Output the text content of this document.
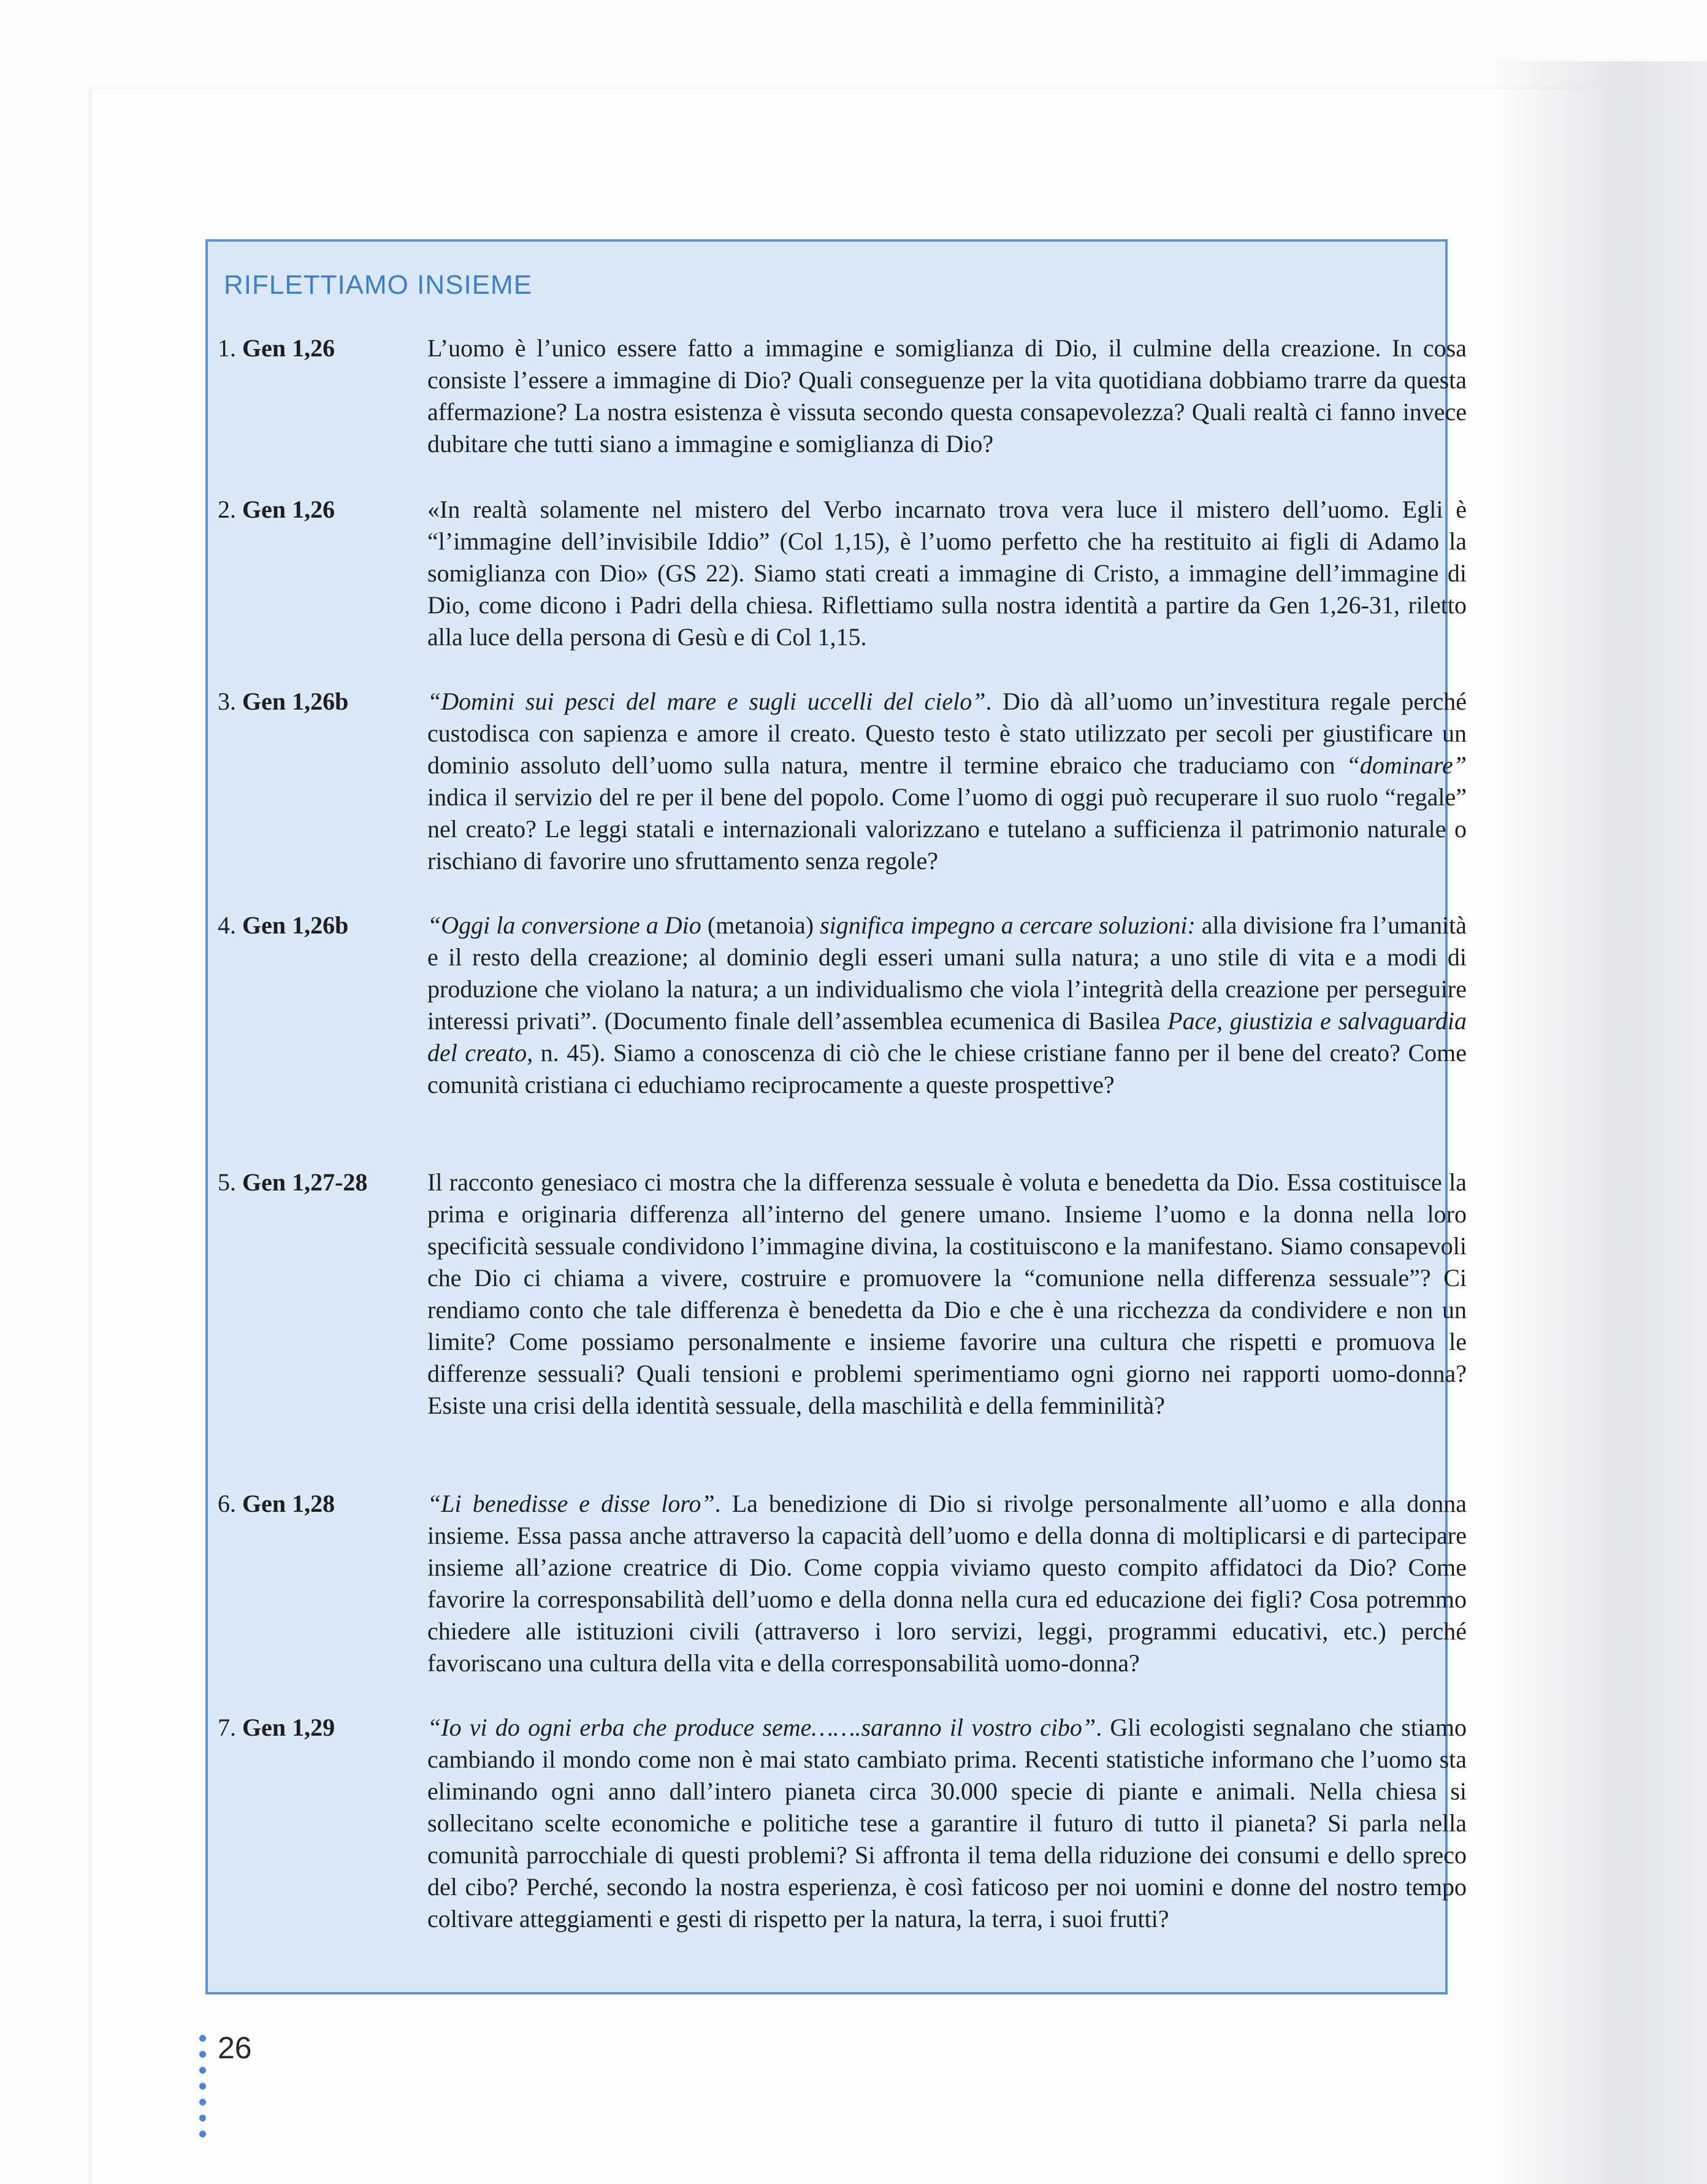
RIFLETTIAMO INSIEME

1. Gen 1,26	L’uomo è l’unico essere fatto a immagine e somiglianza di Dio, il culmine della creazione. In cosa consiste l’essere a immagine di Dio? Quali conseguenze per la vita quotidiana dobbiamo trarre da questa affermazione? La nostra esistenza è vissuta secondo questa consapevolezza? Quali realtà ci fanno invece dubitare che tutti siano a immagine e somiglianza di Dio?

2. Gen 1,26	«In realtà solamente nel mistero del Verbo incarnato trova vera luce il mistero dell’uomo. Egli è “l’immagine dell’invisibile Iddio” (Col 1,15), è l’uomo perfetto che ha restituito ai figli di Adamo la somiglianza con Dio» (GS 22). Siamo stati creati a immagine di Cristo, a immagine dell’immagine di Dio, come dicono i Padri della chiesa. Riflettiamo sulla nostra identità a partire da Gen 1,26-31, riletto alla luce della persona di Gesù e di Col 1,15.

3. Gen 1,26b	“Domini sui pesci del mare e sugli uccelli del cielo”. Dio dà all’uomo un’investitura regale perché custodisca con sapienza e amore il creato. Questo testo è stato utilizzato per secoli per giustificare un dominio assoluto dell’uomo sulla natura, mentre il termine ebraico che traduciamo con “dominare” indica il servizio del re per il bene del popolo. Come l’uomo di oggi può recuperare il suo ruolo “regale” nel creato? Le leggi statali e internazionali valorizzano e tutelano a sufficienza il patrimonio naturale o rischiano di favorire uno sfruttamento senza regole?

4. Gen 1,26b	“Oggi la conversione a Dio (metanoia) significa impegno a cercare soluzioni: alla divisione fra l’umanità e il resto della creazione; al dominio degli esseri umani sulla natura; a uno stile di vita e a modi di produzione che violano la natura; a un individualismo che viola l’integrità della creazione per perseguire interessi privati”. (Documento finale dell’assemblea ecumenica di Basilea Pace, giustizia e salvaguardia del creato, n. 45). Siamo a conoscenza di ciò che le chiese cristiane fanno per il bene del creato? Come comunità cristiana ci educhiamo reciprocamente a queste prospettive?

5. Gen 1,27-28 Il racconto genesiaco ci mostra che la differenza sessuale è voluta e benedetta da Dio. Essa costituisce la prima e originaria differenza all’interno del genere umano. Insieme l’uomo e la donna nella loro specificità sessuale condividono l’immagine divina, la costituiscono e la manifestano. Siamo consapevoli che Dio ci chiama a vivere, costruire e promuovere la “comunione nella differenza sessuale”? Ci rendiamo conto che tale differenza è benedetta da Dio e che è una ricchezza da condividere e non un limite? Come possiamo personalmente e insieme favorire una cultura che rispetti e promuova le differenze sessuali? Quali tensioni e problemi sperimentiamo ogni giorno nei rapporti uomo-donna? Esiste una crisi della identità sessuale, della maschilità e della femminilità?

6. Gen 1,28	“Li benedisse e disse loro”. La benedizione di Dio si rivolge personalmente all’uomo e alla donna insieme. Essa passa anche attraverso la capacità dell’uomo e della donna di moltiplicarsi e di partecipare insieme all’azione creatrice di Dio. Come coppia viviamo questo compito affidatoci da Dio? Come favorire la corresponsabilità dell’uomo e della donna nella cura ed educazione dei figli? Cosa potremmo chiedere alle istituzioni civili (attraverso i loro servizi, leggi, programmi educativi, etc.) perché favoriscano una cultura della vita e della corresponsabilità uomo-donna?

7. Gen 1,29	“Io vi do ogni erba che produce seme…….saranno il vostro cibo”. Gli ecologisti segnalano che stiamo cambiando il mondo come non è mai stato cambiato prima. Recenti statistiche informano che l’uomo sta eliminando ogni anno dall’intero pianeta circa 30.000 specie di piante e animali. Nella chiesa si sollecitano scelte economiche e politiche tese a garantire il futuro di tutto il pianeta? Si parla nella comunità parrocchiale di questi problemi? Si affronta il tema della riduzione dei consumi e dello spreco del cibo? Perché, secondo la nostra esperienza, è così faticoso per noi uomini e donne del nostro tempo coltivare atteggiamenti e gesti di rispetto per la natura, la terra, i suoi frutti?

26
